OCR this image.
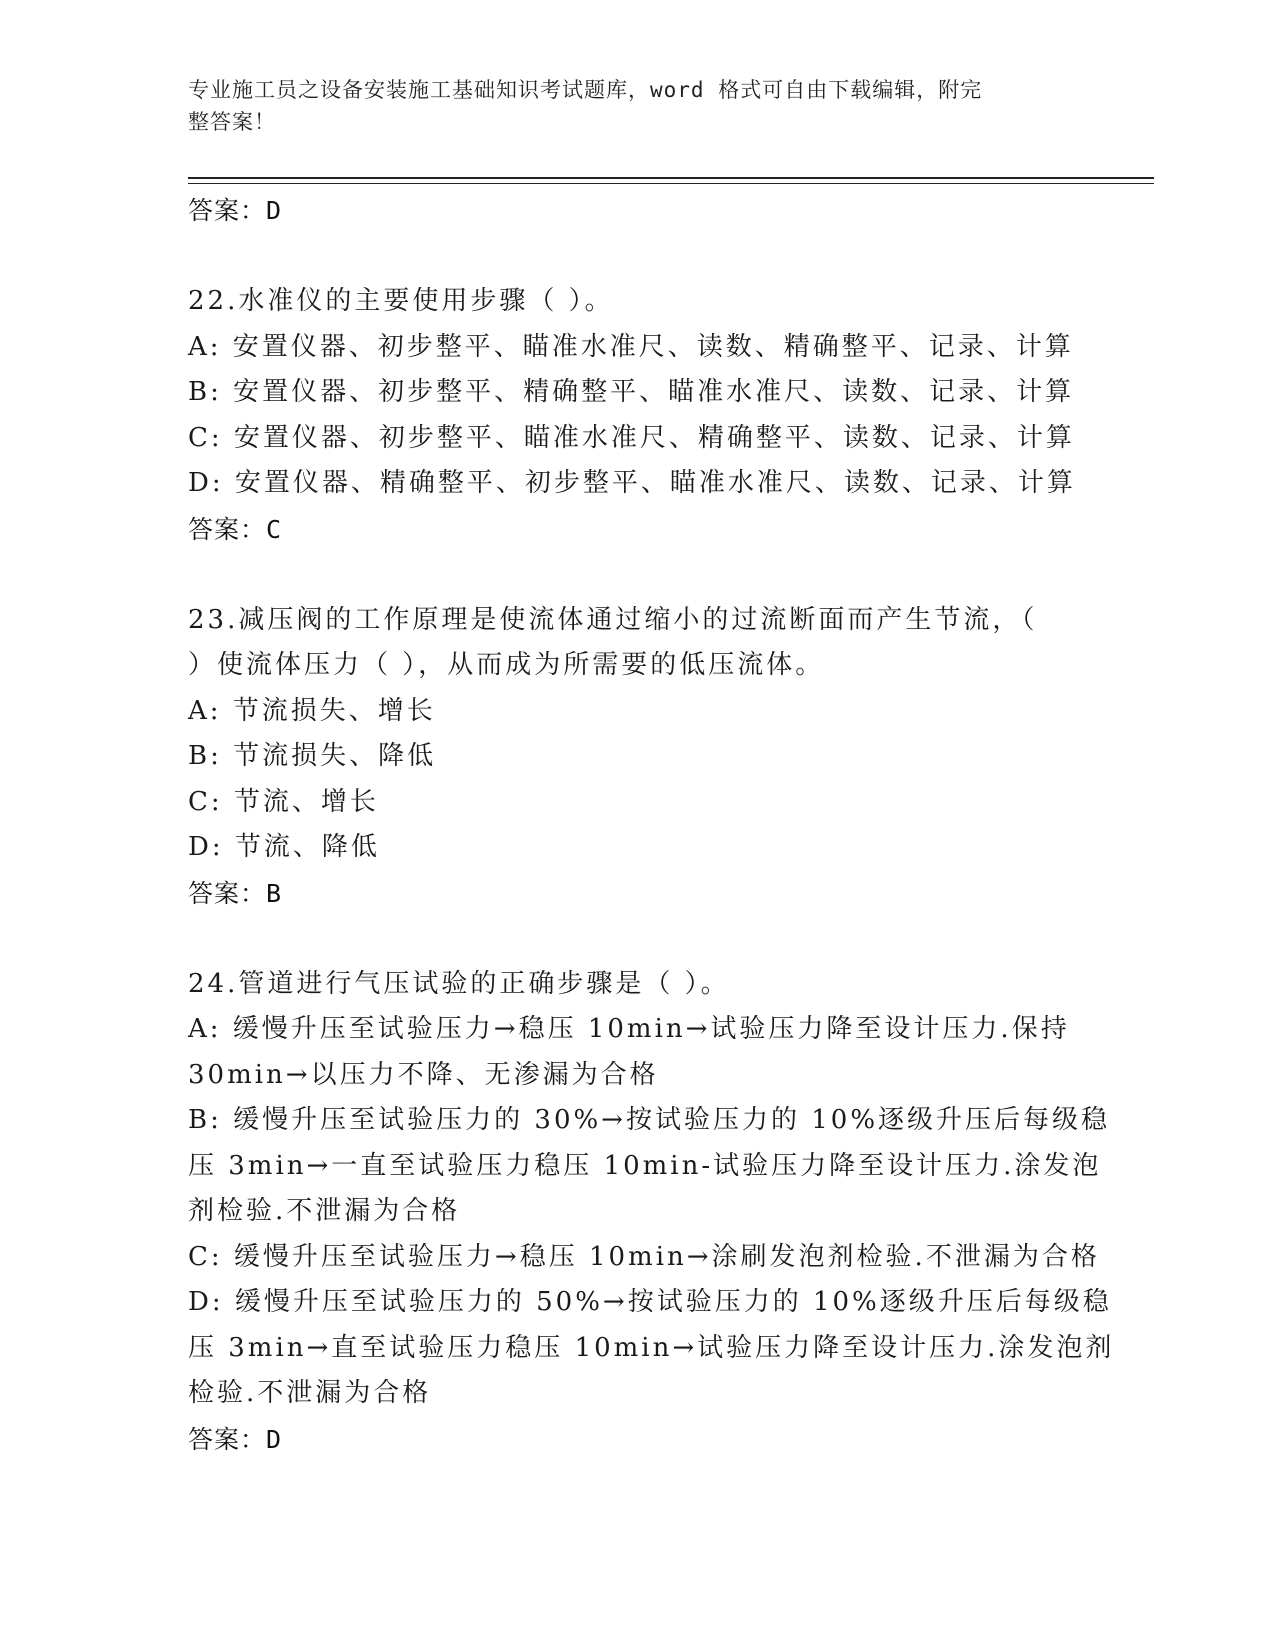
专业施工员之设备安装施工基础知识考试题库，word 格式可自由下载编辑，附完
整答案！
答案：D
22.水准仪的主要使用步骤（ ）。
A: 安置仪器、初步整平、瞄准水准尺、读数、精确整平、记录、计算
B: 安置仪器、初步整平、精确整平、瞄准水准尺、读数、记录、计算
C: 安置仪器、初步整平、瞄准水准尺、精确整平、读数、记录、计算
D: 安置仪器、精确整平、初步整平、瞄准水准尺、读数、记录、计算
答案：C
23.减压阀的工作原理是使流体通过缩小的过流断面而产生节流，（
）使流体压力（ ），从而成为所需要的低压流体。
A: 节流损失、增长
B: 节流损失、降低
C: 节流、增长
D: 节流、降低
答案：B
24.管道进行气压试验的正确步骤是（ ）。
A: 缓慢升压至试验压力→稳压 10min→试验压力降至设计压力.保持
30min→以压力不降、无渗漏为合格
B: 缓慢升压至试验压力的 30%→按试验压力的 10%逐级升压后每级稳
压 3min→一直至试验压力稳压 10min-试验压力降至设计压力.涂发泡
剂检验.不泄漏为合格
C: 缓慢升压至试验压力→稳压 10min→涂刷发泡剂检验.不泄漏为合格
D: 缓慢升压至试验压力的 50%→按试验压力的 10%逐级升压后每级稳
压 3min→直至试验压力稳压 10min→试验压力降至设计压力.涂发泡剂
检验.不泄漏为合格
答案：D
